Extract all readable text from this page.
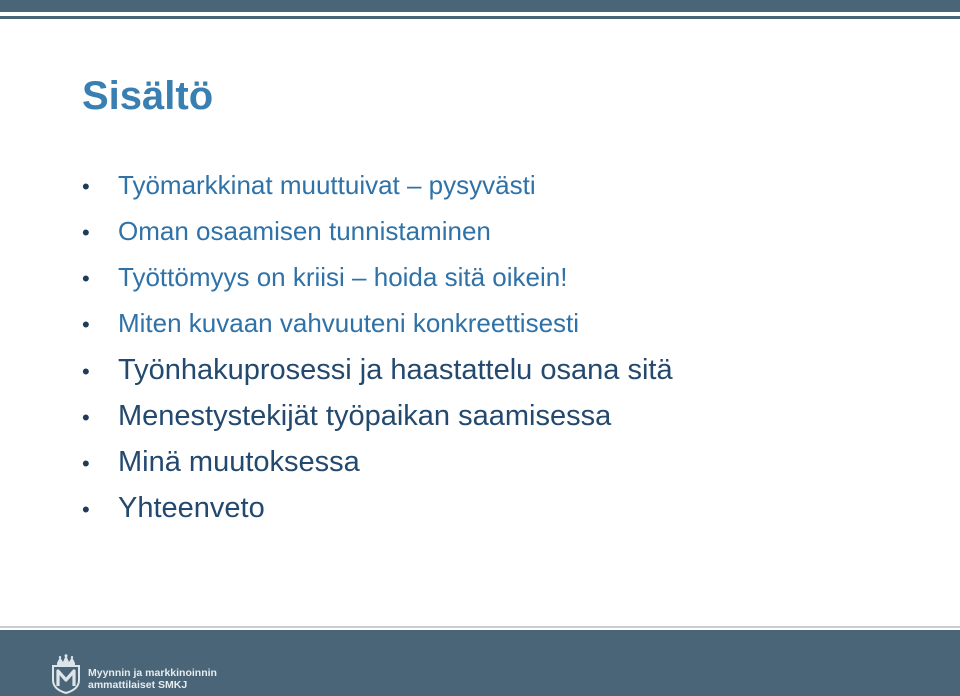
Sisältö
•	Työmarkkinat muuttuivat – pysyvästi
•	Oman osaamisen tunnistaminen
•	Työttömyys on kriisi – hoida sitä oikein!
•	Miten kuvaan vahvuuteni konkreettisesti
• Työnhakuprosessi ja haastattelu osana sitä
• Menestystekijät työpaikan saamisessa
• Minä muutoksessa
• Yhteenveto
Myynnin ja markkinoinnin
ammattilaiset SMKJ
